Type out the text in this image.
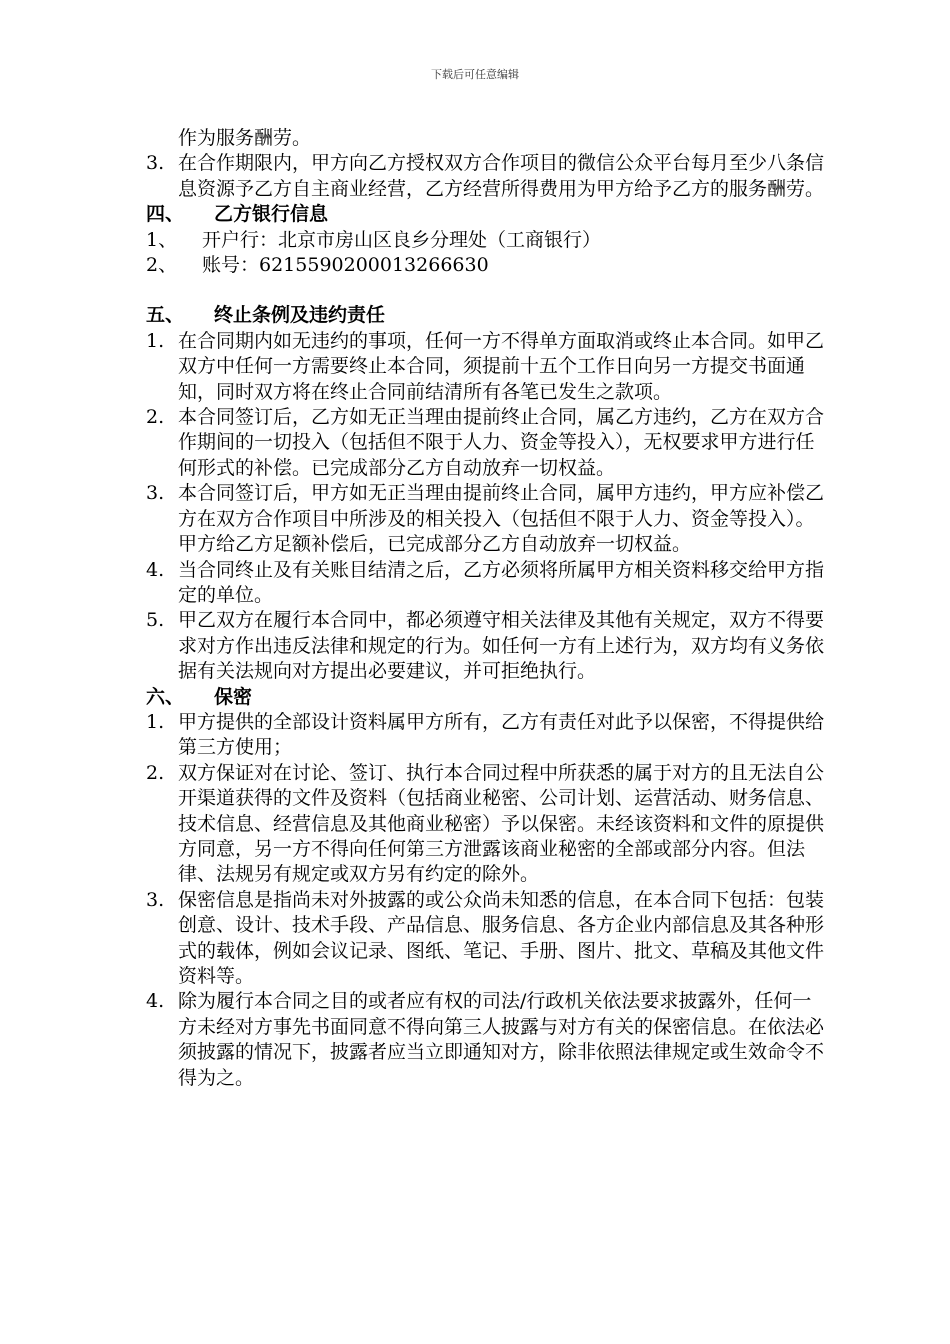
下载后可任意编辑
作为服务酬劳。
3. 在合作期限内，甲方向乙方授权双方合作项目的微信公众平台每月至少八条信息资源予乙方自主商业经营，乙方经营所得费用为甲方给予乙方的服务酬劳。
四、	乙方银行信息
1、	开户行：北京市房山区良乡分理处（工商银行）
2、	账号：6215590200013266630
五、	终止条例及违约责任
1. 在合同期内如无违约的事项，任何一方不得单方面取消或终止本合同。如甲乙双方中任何一方需要终止本合同，须提前十五个工作日向另一方提交书面通知，同时双方将在终止合同前结清所有各笔已发生之款项。
2. 本合同签订后，乙方如无正当理由提前终止合同，属乙方违约，乙方在双方合作期间的一切投入（包括但不限于人力、资金等投入），无权要求甲方进行任何形式的补偿。已完成部分乙方自动放弃一切权益。
3. 本合同签订后，甲方如无正当理由提前终止合同，属甲方违约，甲方应补偿乙方在双方合作项目中所涉及的相关投入（包括但不限于人力、资金等投入）。甲方给乙方足额补偿后，已完成部分乙方自动放弃一切权益。
4. 当合同终止及有关账目结清之后，乙方必须将所属甲方相关资料移交给甲方指定的单位。
5. 甲乙双方在履行本合同中，都必须遵守相关法律及其他有关规定，双方不得要求对方作出违反法律和规定的行为。如任何一方有上述行为，双方均有义务依据有关法规向对方提出必要建议，并可拒绝执行。
六、	保密
1. 甲方提供的全部设计资料属甲方所有，乙方有责任对此予以保密，不得提供给第三方使用；
2. 双方保证对在讨论、签订、执行本合同过程中所获悉的属于对方的且无法自公开渠道获得的文件及资料（包括商业秘密、公司计划、运营活动、财务信息、技术信息、经营信息及其他商业秘密）予以保密。未经该资料和文件的原提供方同意，另一方不得向任何第三方泄露该商业秘密的全部或部分内容。但法律、法规另有规定或双方另有约定的除外。
3. 保密信息是指尚未对外披露的或公众尚未知悉的信息，在本合同下包括：包装创意、设计、技术手段、产品信息、服务信息、各方企业内部信息及其各种形式的载体，例如会议记录、图纸、笔记、手册、图片、批文、草稿及其他文件资料等。
4. 除为履行本合同之目的或者应有权的司法/行政机关依法要求披露外，任何一方未经对方事先书面同意不得向第三人披露与对方有关的保密信息。在依法必须披露的情况下，披露者应当立即通知对方，除非依照法律规定或生效命令不得为之。
